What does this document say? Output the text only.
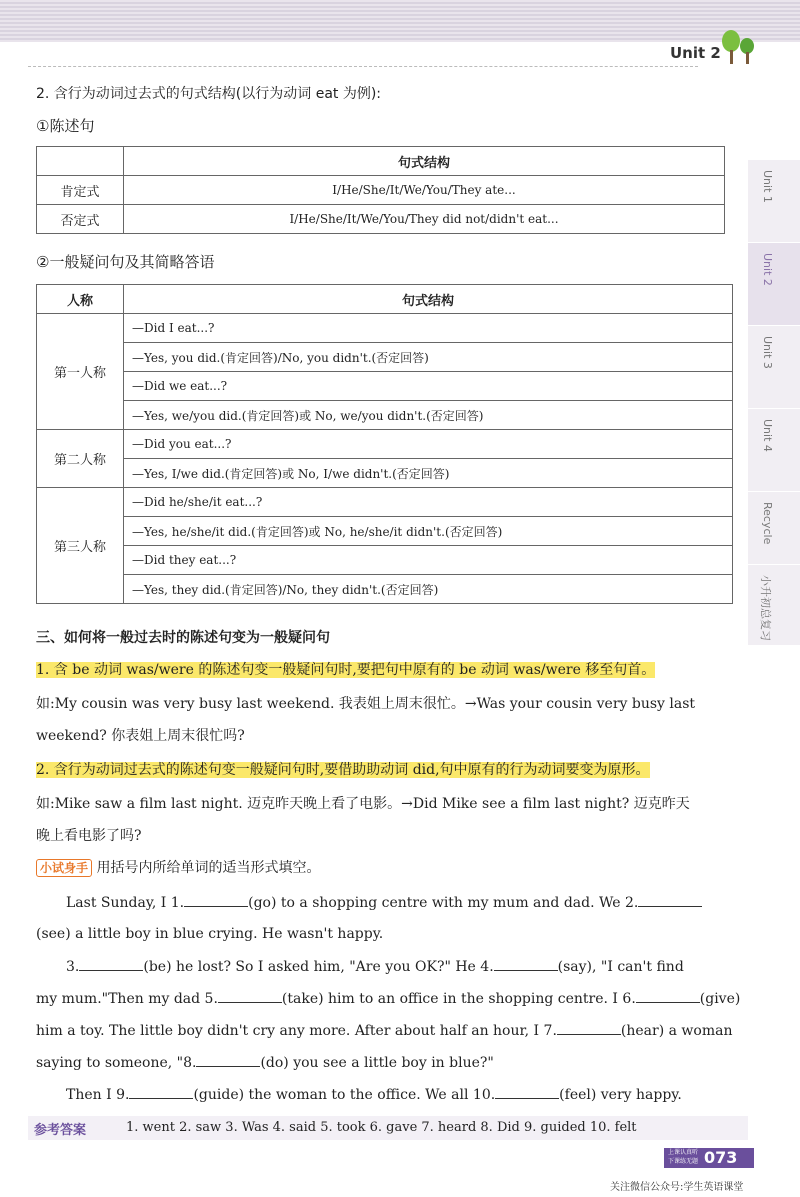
Unit 2
Unit 1
Unit 2
Unit 3
Unit 4
Recycle
小升初总复习
2. 含行为动词过去式的句式结构(以行为动词 eat 为例):
①陈述句
	句式结构
肯定式	I/He/She/It/We/You/They ate...
否定式	I/He/She/It/We/You/They did not/didn't eat...
②一般疑问句及其简略答语
人称	句式结构
第一人称	—Did I eat...?
	—Yes, you did.(肯定回答)/No, you didn't.(否定回答)
	—Did we eat...?
	—Yes, we/you did.(肯定回答)或 No, we/you didn't.(否定回答)
第二人称	—Did you eat...?
	—Yes, I/we did.(肯定回答)或 No, I/we didn't.(否定回答)
第三人称	—Did he/she/it eat...?
	—Yes, he/she/it did.(肯定回答)或 No, he/she/it didn't.(否定回答)
	—Did they eat...?
	—Yes, they did.(肯定回答)/No, they didn't.(否定回答)
三、如何将一般过去时的陈述句变为一般疑问句
1. 含 be 动词 was/were 的陈述句变一般疑问句时,要把句中原有的 be 动词 was/were 移至句首。
如:My cousin was very busy last weekend. 我表姐上周末很忙。→Was your cousin very busy last
weekend? 你表姐上周末很忙吗?
2. 含行为动词过去式的陈述句变一般疑问句时,要借助助动词 did,句中原有的行为动词要变为原形。
如:Mike saw a film last night. 迈克昨天晚上看了电影。→Did Mike see a film last night? 迈克昨天
晚上看电影了吗?
小试身手 用括号内所给单词的适当形式填空。
Last Sunday, I 1.	(go) to a shopping centre with my mum and dad. We 2.
(see) a little boy in blue crying. He wasn't happy.
3.	(be) he lost? So I asked him, "Are you OK?" He 4.	(say), "I can't find
my mum."Then my dad 5.	(take) him to an office in the shopping centre. I 6.	(give)
him a toy. The little boy didn't cry any more. After about half an hour, I 7.	(hear) a woman
saying to someone, "8.	(do) you see a little boy in blue?"
Then I 9.	(guide) the woman to the office. We all 10.	(feel) very happy.
参考答案	1. went 2. saw 3. Was 4. said 5. took 6. gave 7. heard 8. Did 9. guided 10. felt
上课认真听
下课练无题 073
关注微信公众号:学生英语课堂
